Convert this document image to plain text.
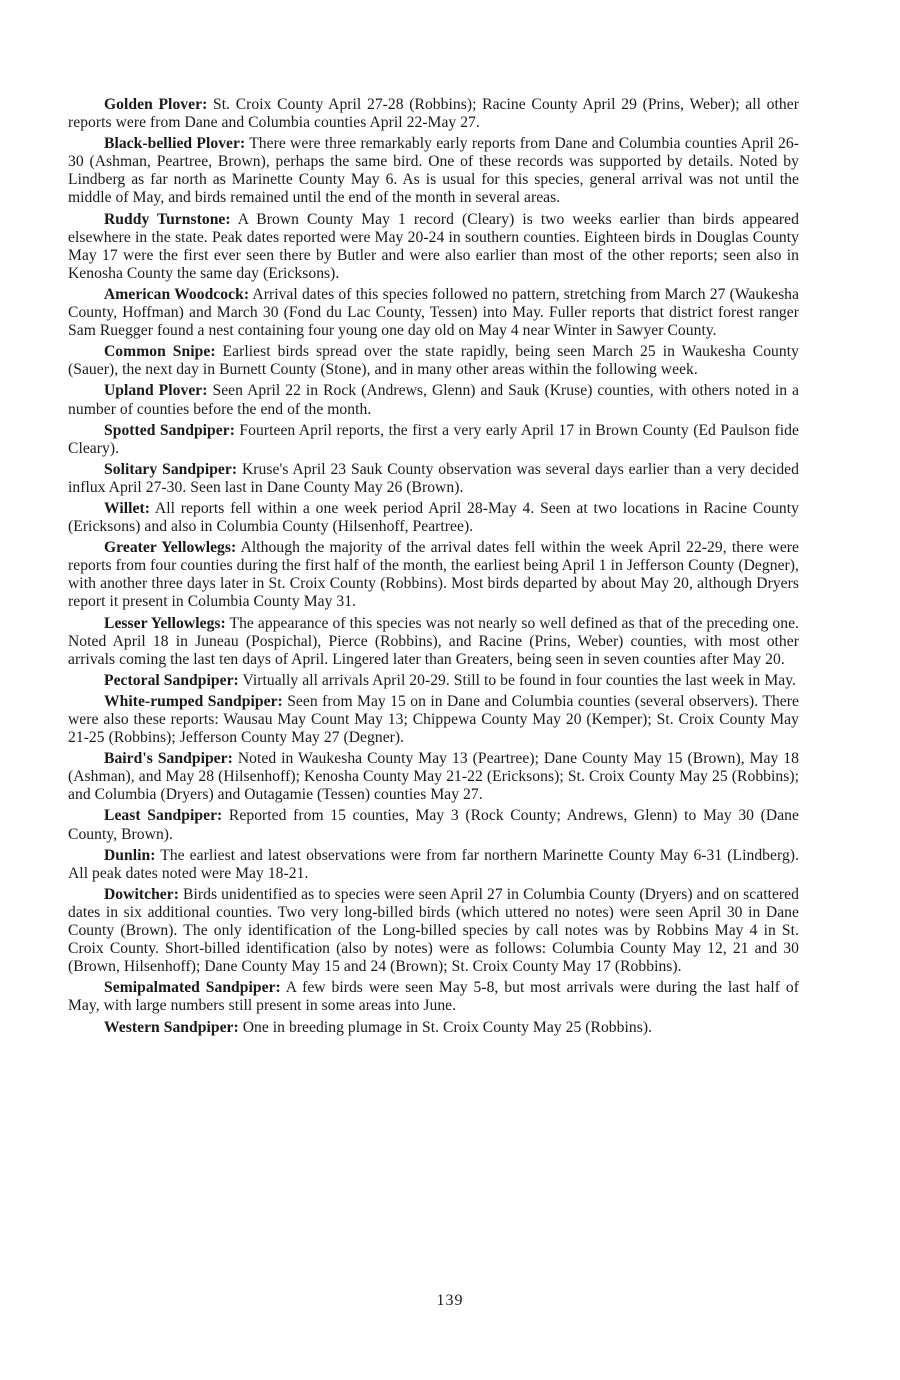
Golden Plover: St. Croix County April 27-28 (Robbins); Racine County April 29 (Prins, Weber); all other reports were from Dane and Columbia counties April 22-May 27.

Black-bellied Plover: There were three remarkably early reports from Dane and Columbia counties April 26-30 (Ashman, Peartree, Brown), perhaps the same bird. One of these records was supported by details. Noted by Lindberg as far north as Marinette County May 6. As is usual for this species, general arrival was not until the middle of May, and birds remained until the end of the month in several areas.

Ruddy Turnstone: A Brown County May 1 record (Cleary) is two weeks earlier than birds appeared elsewhere in the state. Peak dates reported were May 20-24 in southern counties. Eighteen birds in Douglas County May 17 were the first ever seen there by Butler and were also earlier than most of the other reports; seen also in Kenosha County the same day (Ericksons).

American Woodcock: Arrival dates of this species followed no pattern, stretching from March 27 (Waukesha County, Hoffman) and March 30 (Fond du Lac County, Tessen) into May. Fuller reports that district forest ranger Sam Ruegger found a nest containing four young one day old on May 4 near Winter in Sawyer County.

Common Snipe: Earliest birds spread over the state rapidly, being seen March 25 in Waukesha County (Sauer), the next day in Burnett County (Stone), and in many other areas within the following week.

Upland Plover: Seen April 22 in Rock (Andrews, Glenn) and Sauk (Kruse) counties, with others noted in a number of counties before the end of the month.

Spotted Sandpiper: Fourteen April reports, the first a very early April 17 in Brown County (Ed Paulson fide Cleary).

Solitary Sandpiper: Kruse's April 23 Sauk County observation was several days earlier than a very decided influx April 27-30. Seen last in Dane County May 26 (Brown).

Willet: All reports fell within a one week period April 28-May 4. Seen at two locations in Racine County (Ericksons) and also in Columbia County (Hilsenhoff, Peartree).

Greater Yellowlegs: Although the majority of the arrival dates fell within the week April 22-29, there were reports from four counties during the first half of the month, the earliest being April 1 in Jefferson County (Degner), with another three days later in St. Croix County (Robbins). Most birds departed by about May 20, although Dryers report it present in Columbia County May 31.

Lesser Yellowlegs: The appearance of this species was not nearly so well defined as that of the preceding one. Noted April 18 in Juneau (Pospichal), Pierce (Robbins), and Racine (Prins, Weber) counties, with most other arrivals coming the last ten days of April. Lingered later than Greaters, being seen in seven counties after May 20.

Pectoral Sandpiper: Virtually all arrivals April 20-29. Still to be found in four counties the last week in May.

White-rumped Sandpiper: Seen from May 15 on in Dane and Columbia counties (several observers). There were also these reports: Wausau May Count May 13; Chippewa County May 20 (Kemper); St. Croix County May 21-25 (Robbins); Jefferson County May 27 (Degner).

Baird's Sandpiper: Noted in Waukesha County May 13 (Peartree); Dane County May 15 (Brown), May 18 (Ashman), and May 28 (Hilsenhoff); Kenosha County May 21-22 (Ericksons); St. Croix County May 25 (Robbins); and Columbia (Dryers) and Outagamie (Tessen) counties May 27.

Least Sandpiper: Reported from 15 counties, May 3 (Rock County; Andrews, Glenn) to May 30 (Dane County, Brown).

Dunlin: The earliest and latest observations were from far northern Marinette County May 6-31 (Lindberg). All peak dates noted were May 18-21.

Dowitcher: Birds unidentified as to species were seen April 27 in Columbia County (Dryers) and on scattered dates in six additional counties. Two very long-billed birds (which uttered no notes) were seen April 30 in Dane County (Brown). The only identification of the Long-billed species by call notes was by Robbins May 4 in St. Croix County. Short-billed identification (also by notes) were as follows: Columbia County May 12, 21 and 30 (Brown, Hilsenhoff); Dane County May 15 and 24 (Brown); St. Croix County May 17 (Robbins).

Semipalmated Sandpiper: A few birds were seen May 5-8, but most arrivals were during the last half of May, with large numbers still present in some areas into June.

Western Sandpiper: One in breeding plumage in St. Croix County May 25 (Robbins).

139
